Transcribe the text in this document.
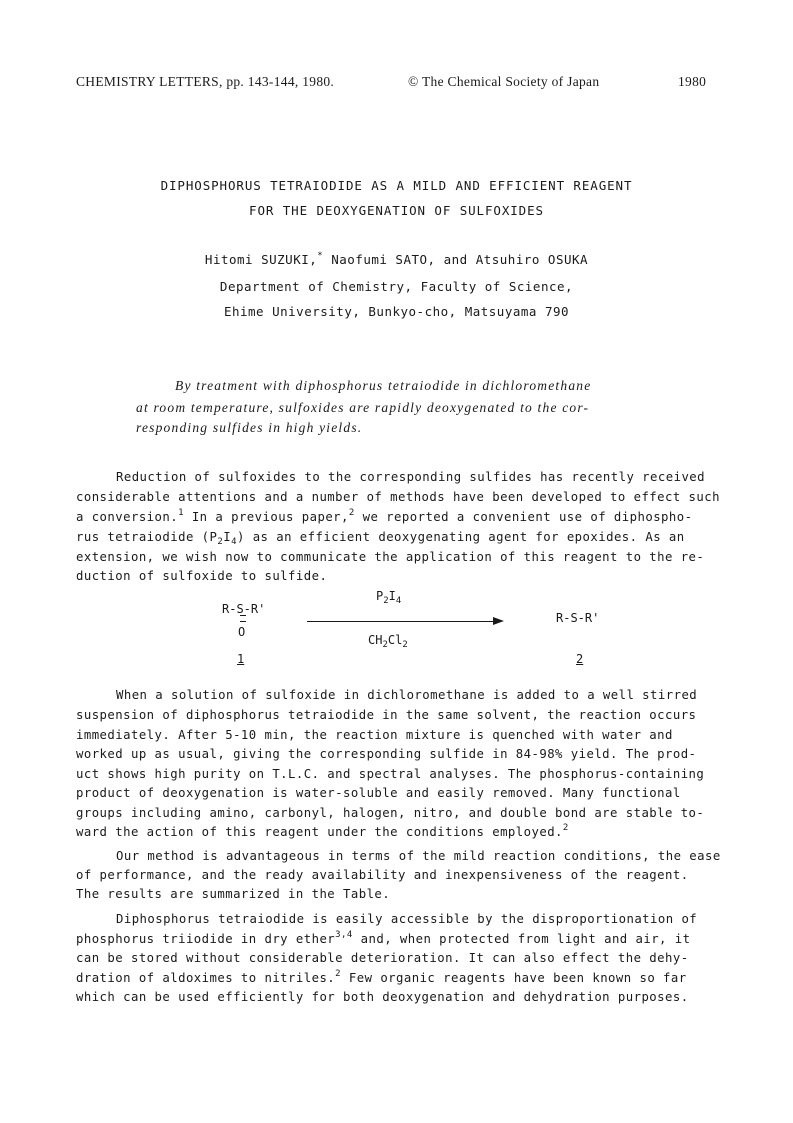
CHEMISTRY LETTERS, pp. 143-144, 1980.	© The Chemical Society of Japan	1980
DIPHOSPHORUS TETRAIODIDE AS A MILD AND EFFICIENT REAGENT
FOR THE DEOXYGENATION OF SULFOXIDES
Hitomi SUZUKI,* Naofumi SATO, and Atsuhiro OSUKA
Department of Chemistry, Faculty of Science,
Ehime University, Bunkyo-cho, Matsuyama 790
By treatment with diphosphorus tetraiodide in dichloromethane
at room temperature, sulfoxides are rapidly deoxygenated to the cor-
responding sulfides in high yields.
Reduction of sulfoxides to the corresponding sulfides has recently received
considerable attentions and a number of methods have been developed to effect such
a conversion.$^1$ In a previous paper,$^2$ we reported a convenient use of diphospho-
rus tetraiodide $(P_2I_4)$ as an efficient deoxygenating agent for epoxides. As an
extension, we wish now to communicate the application of this reagent to the re-
duction of sulfoxide to sulfide.
R-S-R'
O
$P_2I_4$
$CH_2Cl_2$
R-S-R'
1	2
When a solution of sulfoxide in dichloromethane is added to a well stirred
suspension of diphosphorus tetraiodide in the same solvent, the reaction occurs
immediately. After 5-10 min, the reaction mixture is quenched with water and
worked up as usual, giving the corresponding sulfide in 84-98% yield. The prod-
uct shows high purity on T.L.C. and spectral analyses. The phosphorus-containing
product of deoxygenation is water-soluble and easily removed. Many functional
groups including amino, carbonyl, halogen, nitro, and double bond are stable to-
ward the action of this reagent under the conditions employed.$^2$
Our method is advantageous in terms of the mild reaction conditions, the ease
of performance, and the ready availability and inexpensiveness of the reagent.
The results are summarized in the Table.
Diphosphorus tetraiodide is easily accessible by the disproportionation of
phosphorus triiodide in dry ether$^{3,4}$ and, when protected from light and air, it
can be stored without considerable deterioration. It can also effect the dehy-
dration of aldoximes to nitriles.$^2$ Few organic reagents have been known so far
which can be used efficiently for both deoxygenation and dehydration purposes.
